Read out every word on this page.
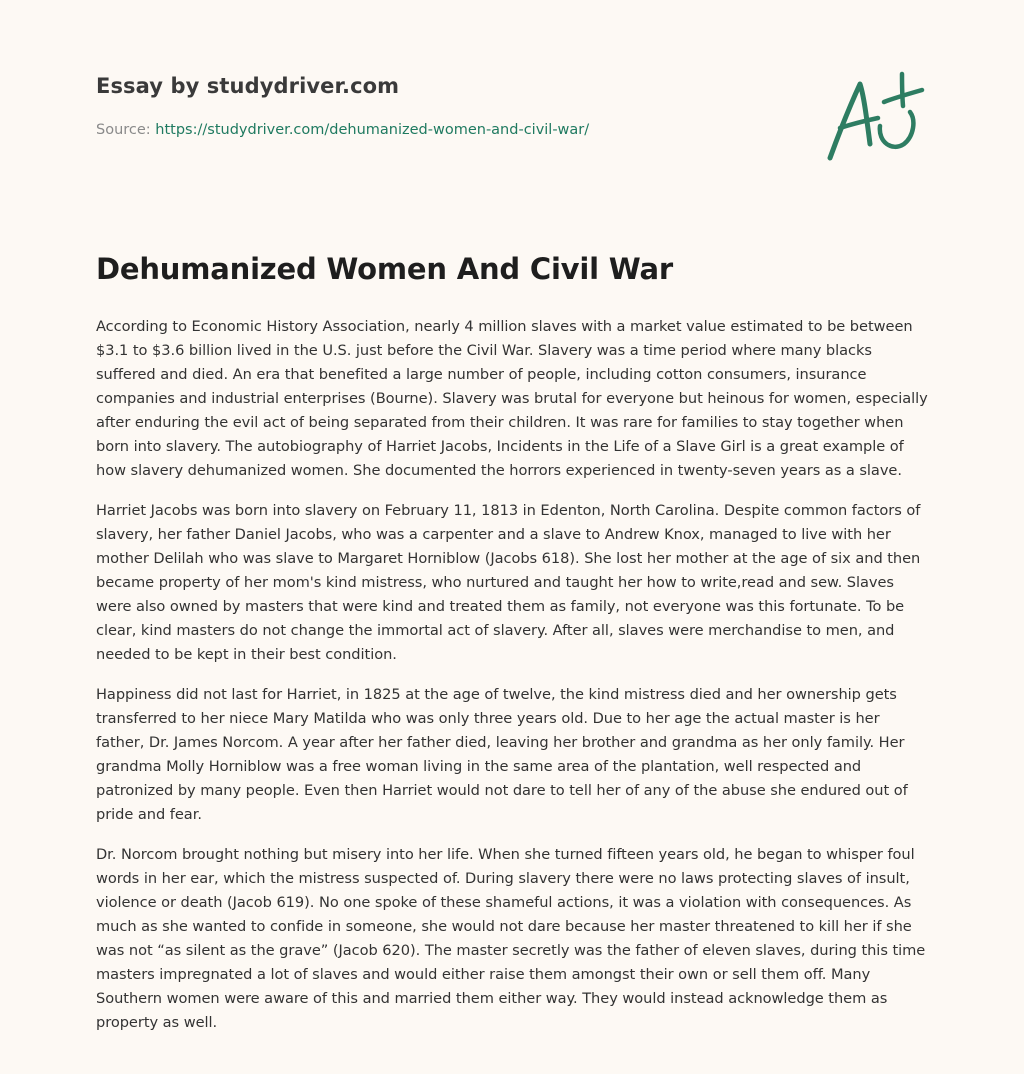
Essay by studydriver.com
Source: https://studydriver.com/dehumanized-women-and-civil-war/
Dehumanized Women And Civil War

According to Economic History Association, nearly 4 million slaves with a market value estimated to be between $3.1 to $3.6 billion lived in the U.S. just before the Civil War. Slavery was a time period where many blacks suffered and died. An era that benefited a large number of people, including cotton consumers, insurance companies and industrial enterprises (Bourne). Slavery was brutal for everyone but heinous for women, especially after enduring the evil act of being separated from their children. It was rare for families to stay together when born into slavery. The autobiography of Harriet Jacobs, Incidents in the Life of a Slave Girl is a great example of how slavery dehumanized women. She documented the horrors experienced in twenty-seven years as a slave.

Harriet Jacobs was born into slavery on February 11, 1813 in Edenton, North Carolina. Despite common factors of slavery, her father Daniel Jacobs, who was a carpenter and a slave to Andrew Knox, managed to live with her mother Delilah who was slave to Margaret Horniblow (Jacobs 618). She lost her mother at the age of six and then became property of her mom's kind mistress, who nurtured and taught her how to write,read and sew. Slaves were also owned by masters that were kind and treated them as family, not everyone was this fortunate. To be clear, kind masters do not change the immortal act of slavery. After all, slaves were merchandise to men, and needed to be kept in their best condition.

Happiness did not last for Harriet, in 1825 at the age of twelve, the kind mistress died and her ownership gets transferred to her niece Mary Matilda who was only three years old. Due to her age the actual master is her father, Dr. James Norcom. A year after her father died, leaving her brother and grandma as her only family. Her grandma Molly Horniblow was a free woman living in the same area of the plantation, well respected and patronized by many people. Even then Harriet would not dare to tell her of any of the abuse she endured out of pride and fear.

Dr. Norcom brought nothing but misery into her life. When she turned fifteen years old, he began to whisper foul words in her ear, which the mistress suspected of. During slavery there were no laws protecting slaves of insult, violence or death (Jacob 619). No one spoke of these shameful actions, it was a violation with consequences. As much as she wanted to confide in someone, she would not dare because her master threatened to kill her if she was not “as silent as the grave” (Jacob 620). The master secretly was the father of eleven slaves, during this time masters impregnated a lot of slaves and would either raise them amongst their own or sell them off. Many Southern women were aware of this and married them either way. They would instead acknowledge them as property as well.
